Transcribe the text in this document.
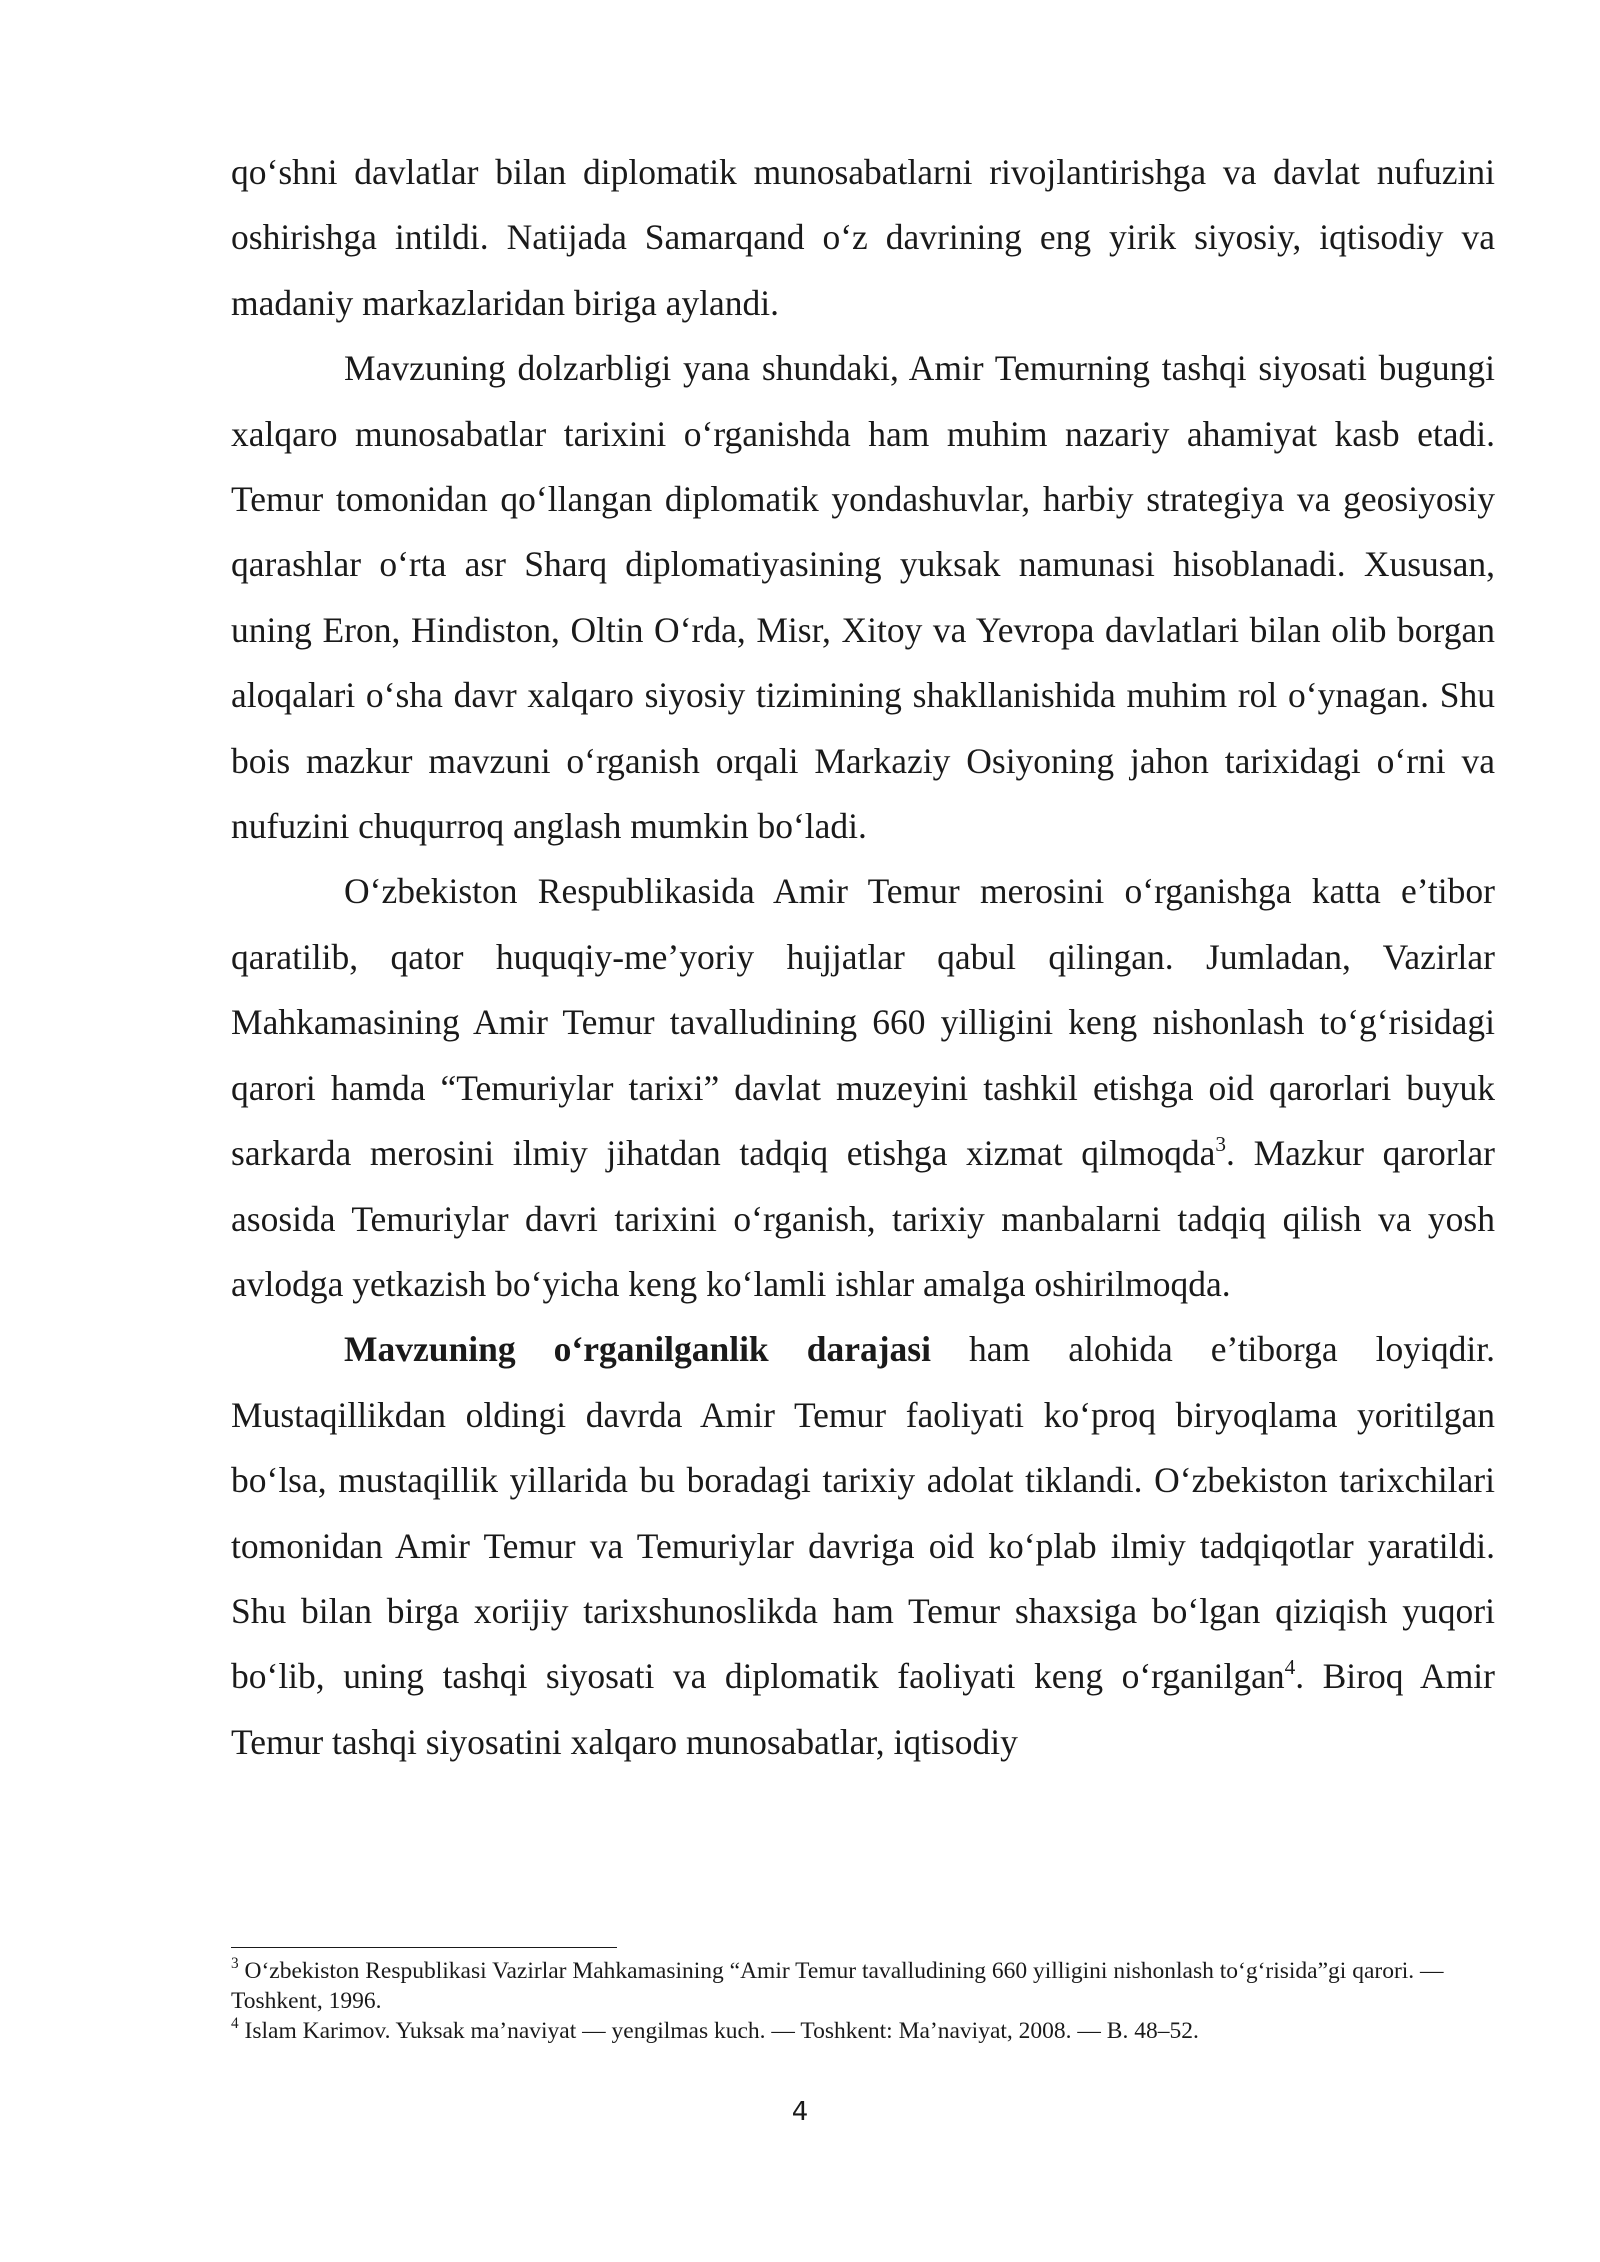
qo‘shni davlatlar bilan diplomatik munosabatlarni rivojlantirishga va davlat nufuzini oshirishga intildi. Natijada Samarqand o‘z davrining eng yirik siyosiy, iqtisodiy va madaniy markazlaridan biriga aylandi.

Mavzuning dolzarbligi yana shundaki, Amir Temurning tashqi siyosati bugungi xalqaro munosabatlar tarixini o‘rganishda ham muhim nazariy ahamiyat kasb etadi. Temur tomonidan qo‘llangan diplomatik yondashuvlar, harbiy strategiya va geosiyosiy qarashlar o‘rta asr Sharq diplomatiyasining yuksak namunasi hisoblanadi. Xususan, uning Eron, Hindiston, Oltin O‘rda, Misr, Xitoy va Yevropa davlatlari bilan olib borgan aloqalari o‘sha davr xalqaro siyosiy tizimining shakllanishida muhim rol o‘ynagan. Shu bois mazkur mavzuni o‘rganish orqali Markaziy Osiyoning jahon tarixidagi o‘rni va nufuzini chuqurroq anglash mumkin bo‘ladi.

O‘zbekiston Respublikasida Amir Temur merosini o‘rganishga katta e’tibor qaratilib, qator huquqiy-me’yoriy hujjatlar qabul qilingan. Jumladan, Vazirlar Mahkamasining Amir Temur tavalludining 660 yilligini keng nishonlash to‘g‘risidagi qarori hamda “Temuriylar tarixi” davlat muzeyini tashkil etishga oid qarorlari buyuk sarkarda merosini ilmiy jihatdan tadqiq etishga xizmat qilmoqda$^3$. Mazkur qarorlar asosida Temuriylar davri tarixini o‘rganish, tarixiy manbalarni tadqiq qilish va yosh avlodga yetkazish bo‘yicha keng ko‘lamli ishlar amalga oshirilmoqda.

Mavzuning o‘rganilganlik darajasi ham alohida e’tiborga loyiqdir. Mustaqillikdan oldingi davrda Amir Temur faoliyati ko‘proq biryoqlama yoritilgan bo‘lsa, mustaqillik yillarida bu boradagi tarixiy adolat tiklandi. O‘zbekiston tarixchilari tomonidan Amir Temur va Temuriylar davriga oid ko‘plab ilmiy tadqiqotlar yaratildi. Shu bilan birga xorijiy tarixshunoslikda ham Temur shaxsiga bo‘lgan qiziqish yuqori bo‘lib, uning tashqi siyosati va diplomatik faoliyati keng o‘rganilgan$^4$. Biroq Amir Temur tashqi siyosatini xalqaro munosabatlar, iqtisodiy

$^3$ O‘zbekiston Respublikasi Vazirlar Mahkamasining “Amir Temur tavalludining 660 yilligini nishonlash to‘g‘risida”gi qarori. — Toshkent, 1996.

$^4$ Islam Karimov. Yuksak ma’naviyat — yengilmas kuch. — Toshkent: Ma’naviyat, 2008. — B. 48–52.

4
